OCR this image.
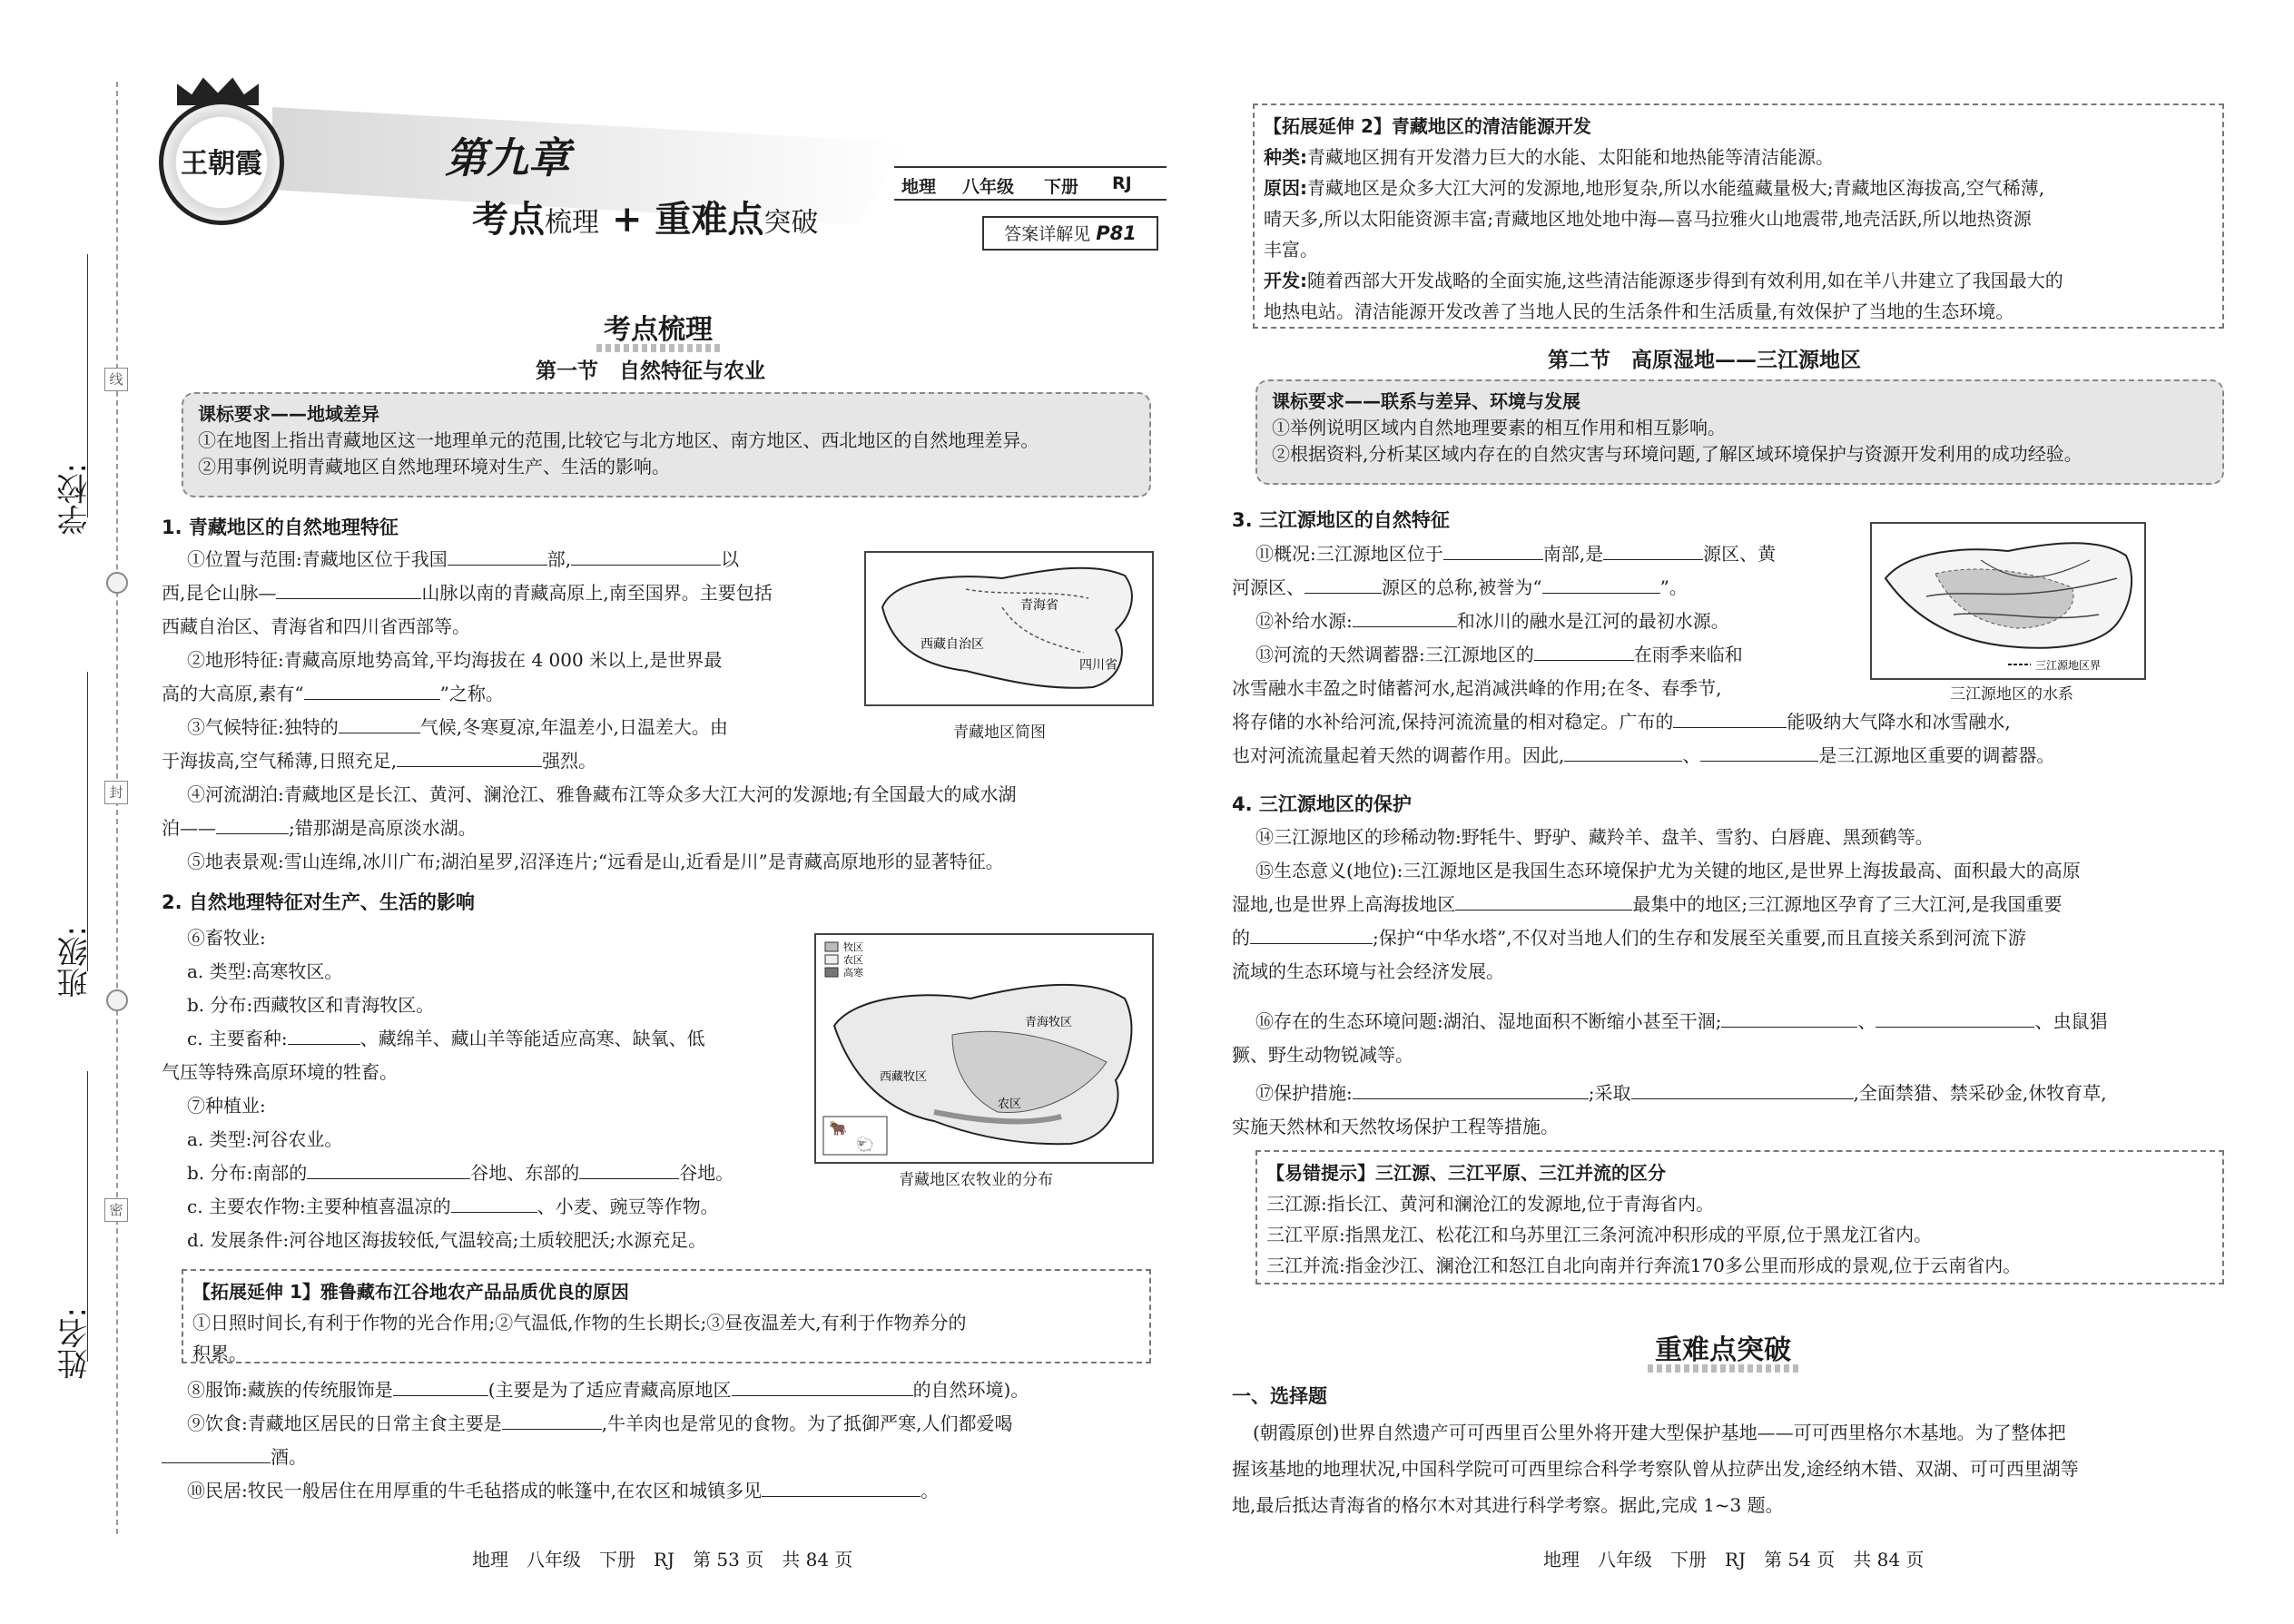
学校:
班级:
姓名:
线
封
密
王朝霞	第九章
考点梳理 + 重难点突破
地理 八年级 下册 RJ
答案详解见 P81
考点梳理
第一节　自然特征与农业
课标要求——地域差异
①在地图上指出青藏地区这一地理单元的范围,比较它与北方地区、南方地区、西北地区的自然地理差异。
②用事例说明青藏地区自然地理环境对生产、生活的影响。
1. 青藏地区的自然地理特征
①位置与范围:青藏地区位于我国	部,	以
西,昆仑山脉—	山脉以南的青藏高原上,南至国界。主要包括
西藏自治区、青海省和四川省西部等。
②地形特征:青藏高原地势高耸,平均海拔在 4 000 米以上,是世界最
高的大高原,素有“	”之称。
③气候特征:独特的	气候,冬寒夏凉,年温差小,日温差大。由
于海拔高,空气稀薄,日照充足,	强烈。
④河流湖泊:青藏地区是长江、黄河、澜沧江、雅鲁藏布江等众多大江大河的发源地;有全国最大的咸水湖
泊——	;错那湖是高原淡水湖。
⑤地表景观:雪山连绵,冰川广布;湖泊星罗,沼泽连片;“远看是山,近看是川”是青藏高原地形的显著特征。
2. 自然地理特征对生产、生活的影响
⑥畜牧业:
a. 类型:高寒牧区。
b. 分布:西藏牧区和青海牧区。
c. 主要畜种:	、藏绵羊、藏山羊等能适应高寒、缺氧、低
气压等特殊高原环境的牲畜。
⑦种植业:
a. 类型:河谷农业。
b. 分布:南部的	谷地、东部的	谷地。
c. 主要农作物:主要种植喜温凉的	、小麦、豌豆等作物。
d. 发展条件:河谷地区海拔较低,气温较高;土质较肥沃;水源充足。
【拓展延伸 1】雅鲁藏布江谷地农产品品质优良的原因
①日照时间长,有利于作物的光合作用;②气温低,作物的生长期长;③昼夜温差大,有利于作物养分的
积累。
⑧服饰:藏族的传统服饰是	(主要是为了适应青藏高原地区	的自然环境)。
⑨饮食:青藏地区居民的日常主食主要是	,牛羊肉也是常见的食物。为了抵御严寒,人们都爱喝
酒。
⑩民居:牧民一般居住在用厚重的牛毛毡搭成的帐篷中,在农区和城镇多见	。
青海省
西藏自治区
四川省
青藏地区简图
牧区
农区
高寒
西藏牧区
青海牧区
农区
🐂
🐑
青藏地区农牧业的分布
地理　八年级　下册　RJ　第 53 页　共 84 页
【拓展延伸 2】青藏地区的清洁能源开发
种类:青藏地区拥有开发潜力巨大的水能、太阳能和地热能等清洁能源。
原因:青藏地区是众多大江大河的发源地,地形复杂,所以水能蕴藏量极大;青藏地区海拔高,空气稀薄,
晴天多,所以太阳能资源丰富;青藏地区地处地中海—喜马拉雅火山地震带,地壳活跃,所以地热资源
丰富。
开发:随着西部大开发战略的全面实施,这些清洁能源逐步得到有效利用,如在羊八井建立了我国最大的
地热电站。清洁能源开发改善了当地人民的生活条件和生活质量,有效保护了当地的生态环境。
第二节　高原湿地——三江源地区
课标要求——联系与差异、环境与发展
①举例说明区域内自然地理要素的相互作用和相互影响。
②根据资料,分析某区域内存在的自然灾害与环境问题,了解区域环境保护与资源开发利用的成功经验。
3. 三江源地区的自然特征
⑪概况:三江源地区位于	南部,是	源区、黄
河源区、	源区的总称,被誉为“	”。
⑫补给水源:	和冰川的融水是江河的最初水源。
⑬河流的天然调蓄器:三江源地区的	在雨季来临和
冰雪融水丰盈之时储蓄河水,起消减洪峰的作用;在冬、春季节,
将存储的水补给河流,保持河流流量的相对稳定。广布的	能吸纳大气降水和冰雪融水,
也对河流流量起着天然的调蓄作用。因此,	、	是三江源地区重要的调蓄器。
4. 三江源地区的保护
⑭三江源地区的珍稀动物:野牦牛、野驴、藏羚羊、盘羊、雪豹、白唇鹿、黑颈鹤等。
⑮生态意义(地位):三江源地区是我国生态环境保护尤为关键的地区,是世界上海拔最高、面积最大的高原
湿地,也是世界上高海拔地区	最集中的地区;三江源地区孕育了三大江河,是我国重要
的	;保护“中华水塔”,不仅对当地人们的生存和发展至关重要,而且直接关系到河流下游
流域的生态环境与社会经济发展。
⑯存在的生态环境问题:湖泊、湿地面积不断缩小甚至干涸;	、	、虫鼠猖
獗、野生动物锐减等。
⑰保护措施:	;采取	,全面禁猎、禁采砂金,休牧育草,
实施天然林和天然牧场保护工程等措施。
【易错提示】三江源、三江平原、三江并流的区分
三江源:指长江、黄河和澜沧江的发源地,位于青海省内。
三江平原:指黑龙江、松花江和乌苏里江三条河流冲积形成的平原,位于黑龙江省内。
三江并流:指金沙江、澜沧江和怒江自北向南并行奔流170多公里而形成的景观,位于云南省内。
三江源地区界
三江源地区的水系
重难点突破
一、选择题
(朝霞原创)世界自然遗产可可西里百公里外将开建大型保护基地——可可西里格尔木基地。为了整体把
握该基地的地理状况,中国科学院可可西里综合科学考察队曾从拉萨出发,途经纳木错、双湖、可可西里湖等
地,最后抵达青海省的格尔木对其进行科学考察。据此,完成 1~3 题。
地理　八年级　下册　RJ　第 54 页　共 84 页
